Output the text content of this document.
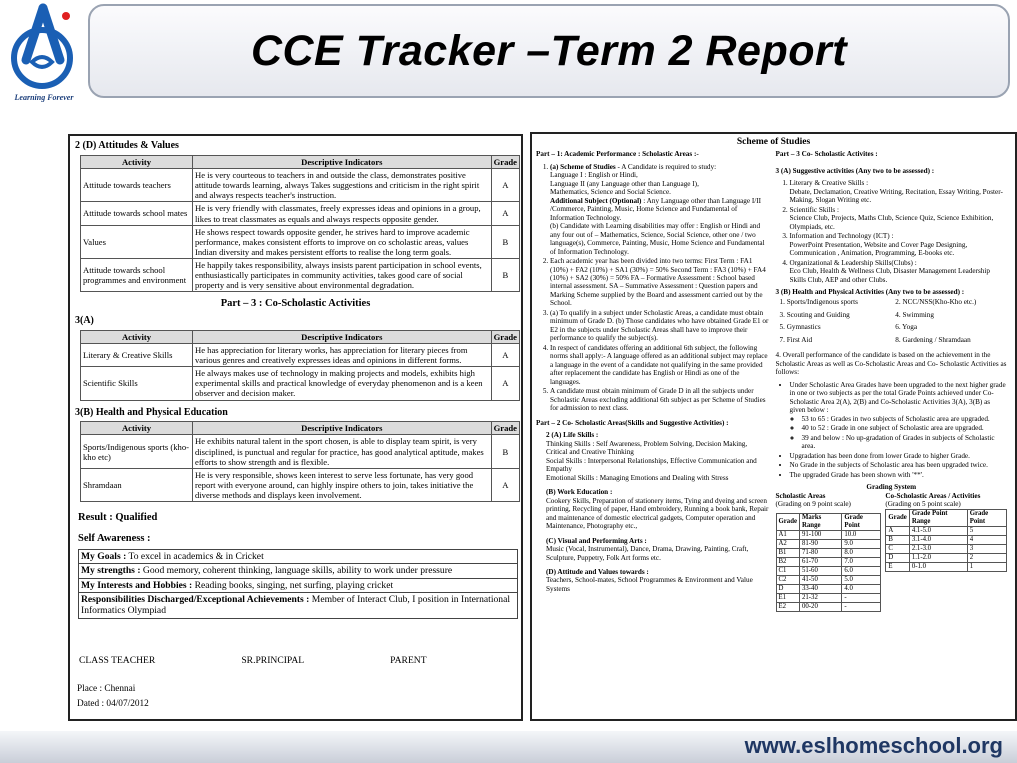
Learning Forever
CCE Tracker –Term 2 Report
2 (D) Attitudes & Values
Activity	Descriptive Indicators	Grade
Attitude towards teachers	He is very courteous to teachers in and outside the class, demonstrates positive attitude towards learning, always Takes suggestions and criticism in the right spirit and always respects teacher's instruction.	A
Attitude towards school mates	He is very friendly with classmates, freely expresses ideas and opinions in a group, likes to treat classmates as equals and always respects opposite gender.	A
Values	He shows respect towards opposite gender, he strives hard to improve academic performance, makes consistent efforts to improve on co scholastic areas, values Indian diversity and makes persistent efforts to realise the long term goals.	B
Attitude towards school programmes and environment	He happily takes responsibility, always insists parent participation in school events, enthusiastically participates in community activities, takes good care of social property and is very sensitive about environmental degradation.	B
Part – 3 : Co-Scholastic Activities
3(A)
Activity	Descriptive Indicators	Grade
Literary & Creative Skills	He has appreciation for literary works, has appreciation for literary pieces from various genres and creatively expresses ideas and opinions in different forms.	A
Scientific Skills	He always makes use of technology in making projects and models, exhibits high experimental skills and practical knowledge of everyday phenomenon and is a keen observer and decision maker.	A
3(B) Health and Physical Education
Activity	Descriptive Indicators	Grade
Sports/Indigenous sports (kho-kho etc)	He exhibits natural talent in the sport chosen, is able to display team spirit, is very disciplined, is punctual and regular for practice, has good analytical aptitude, makes efforts to show strength and is flexible.	B
Shramdaan	He is very responsible, shows keen interest to serve less fortunate, has very good report with everyone around, can highly inspire others to join, takes initiative the diverse methods and displays keen involvement.	A
Result : Qualified
Self Awareness :
My Goals : To excel in academics & in Cricket
My strengths : Good memory, coherent thinking, language skills, ability to work under pressure
My Interests and Hobbies : Reading books, singing, net surfing, playing cricket
Responsibilities Discharged/Exceptional Achievements : Member of Interact Club, I position in International Informatics Olympiad
CLASS TEACHER	SR.PRINCIPAL	PARENT
Place : Chennai
Dated : 04/07/2012
Scheme of Studies
Part – 1: Academic Performance : Scholastic Areas :-
1. (a) Scheme of Studies - A Candidate is required to study:
Language I : English or Hindi,
Language II (any Language other than Language I),
Mathematics, Science and Social Science.
Additional Subject (Optional) : Any Language other than Language I/II /Commerce, Painting, Music, Home Science and Fundamental of Information Technology.
(b) Candidate with Learning disabilities may offer : English or Hindi and any four out of – Mathematics, Science, Social Science, other one / two language(s), Commerce, Painting, Music, Home Science and Fundamental of Information Technology.
2. Each academic year has been divided into two terms: First Term : FA1 (10%) + FA2 (10%) + SA1 (30%) = 50% Second Term : FA3 (10%) + FA4 (10%) + SA2 (30%) = 50% FA – Formative Assessment : School based internal assessment. SA – Summative Assessment : Question papers and Marking Scheme supplied by the Board and assessment carried out by the School.
3. (a) To qualify in a subject under Scholastic Areas, a candidate must obtain minimum of Grade D. (b) Those candidates who have obtained Grade E1 or E2 in the subjects under Scholastic Areas shall have to improve their performance to qualify the subject(s).
4. In respect of candidates offering an additional 6th subject, the following norms shall apply:- A language offered as an additional subject may replace a language in the event of a candidate not qualifying in the same provided after replacement the candidate has English or Hindi as one of the languages.
5. A candidate must obtain minimum of Grade D in all the subjects under Scholastic Areas excluding additional 6th subject as per Scheme of Studies for admission to next class.
Part – 2 Co- Scholastic Areas(Skills and Suggestive Activities) :
2 (A) Life Skills :
Thinking Skills : Self Awareness, Problem Solving, Decision Making, Critical and Creative Thinking
Social Skills : Interpersonal Relationships, Effective Communication and Empathy
Emotional Skills : Managing Emotions and Dealing with Stress
(B) Work Education :
Cookery Skills, Preparation of stationery items, Tying and dyeing and screen printing, Recycling of paper, Hand embroidery, Running a book bank, Repair and maintenance of domestic electrical gadgets, Computer operation and Maintenance, Photography etc.,
(C) Visual and Performing Arts :
Music (Vocal, Instrumental), Dance, Drama, Drawing, Painting, Craft, Sculpture, Puppetry, Folk Art forms etc.
(D) Attitude and Values towards :
Teachers, School-mates, School Programmes & Environment and Value Systems
Part – 3 Co- Scholastic Activites :
3 (A) Suggestive activities (Any two to be assessed) :
1. Literary & Creative Skills :
Debate, Declamation, Creative Writing, Recitation, Essay Writing, Poster-Making, Slogan Writing etc.
2. Scientific Skills :
Science Club, Projects, Maths Club, Science Quiz, Science Exhibition, Olympiads, etc.
3. Information and Technology (ICT) :
PowerPoint Presentation, Website and Cover Page Designing, Communication , Animation, Programming, E-books etc.
4. Organizational & Leadership Skills(Clubs) :
Eco Club, Health & Wellness Club, Disaster Management Leadership Skills Club, AEP and other Clubs.
3 (B) Health and Physical Activities (Any two to be assessed) :
1. Sports/Indigenous sports	2. NCC/NSS(Kho-Kho etc.)
3. Scouting and Guiding	4. Swimming
5. Gymnastics	6. Yoga
7. First Aid	8. Gardening / Shramdaan
4. Overall performance of the candidate is based on the achievement in the Scholastic Areas as well as Co-Scholastic Areas and Co- Scholastic Activities as follows:
• Under Scholastic Area Grades have been upgraded to the next higher grade in one or two subjects as per the total Grade Points achieved under Co-Scholastic Area 2(A), 2(B) and Co-Scholastic Activities 3(A), 3(B) as given below :
◦ 53 to 65 : Grades in two subjects of Scholastic area are upgraded.
◦ 40 to 52 : Grade in one subject of Scholastic area are upgraded.
◦ 39 and below : No up-gradation of Grades in subjects of Scholastic area.
• Upgradation has been done from lower Grade to higher Grade.
• No Grade in the subjects of Scholastic area has been upgraded twice.
• The upgraded Grade has been shown with '**'.
Grading System
Scholastic Areas
(Grading on 9 point scale)
Grade	Marks Range	Grade Point
A1	91-100	10.0
A2	81-90	9.0
B1	71-80	8.0
B2	61-70	7.0
C1	51-60	6.0
C2	41-50	5.0
D	33-40	4.0
E1	21-32	-
E2	00-20	-
Co-Scholastic Areas / Activities
(Grading on 5 point scale)
Grade	Grade Point Range	Grade Point
A	4.1-5.0	5
B	3.1-4.0	4
C	2.1-3.0	3
D	1.1-2.0	2
E	0-1.0	1
www.eslhomeschool.org
